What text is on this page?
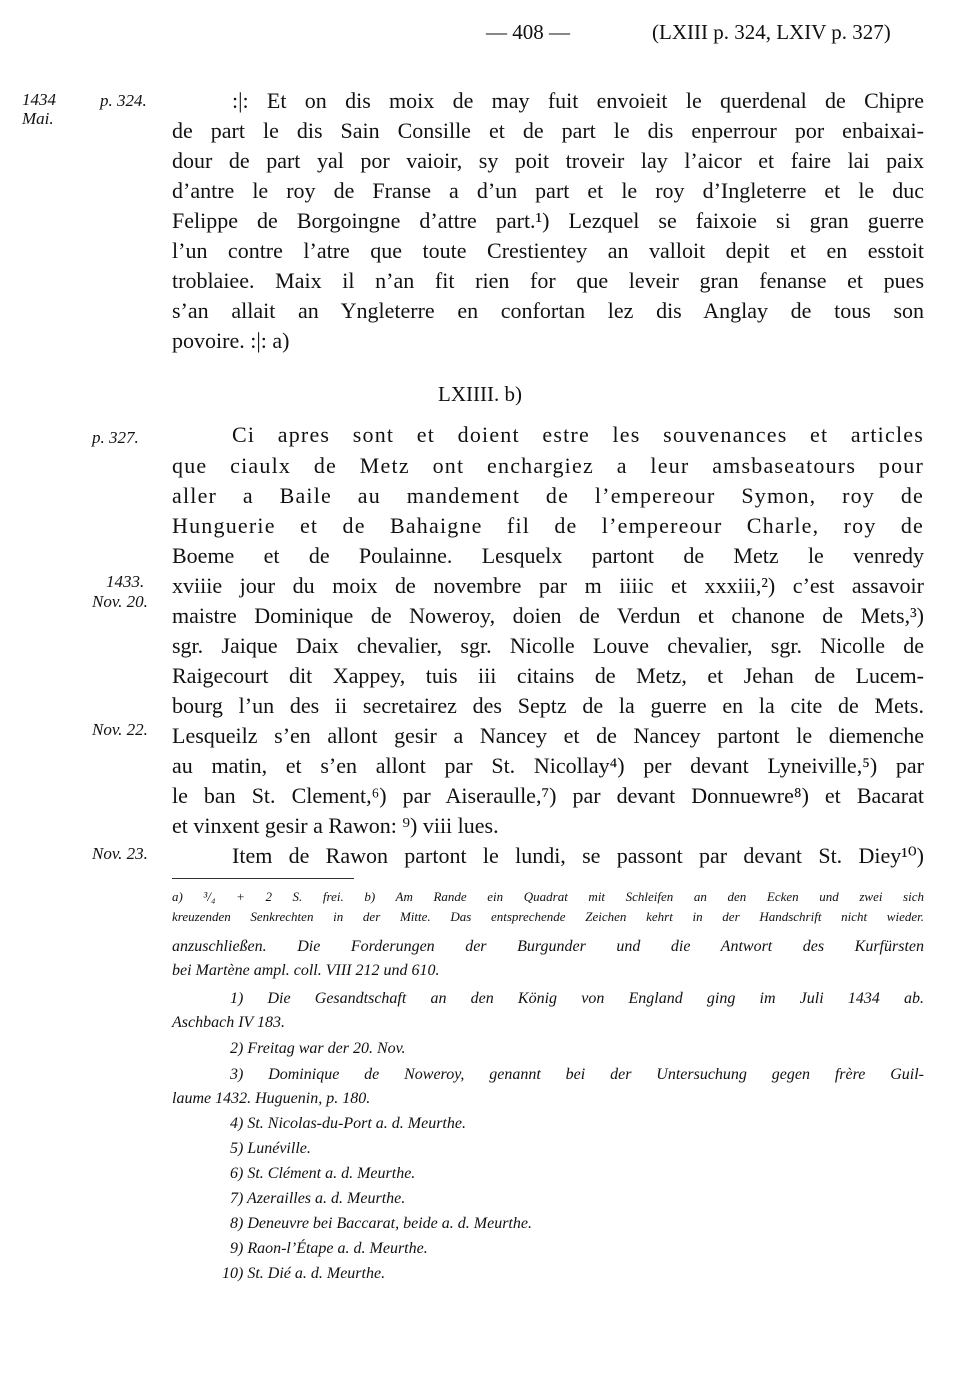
— 408 —	(LXIII p. 324, LXIV p. 327)
1434
Mai.
p. 324.
p. 327.
1433.
Nov. 20.
Nov. 22.
Nov. 23.
:|: Et on dis moix de may fuit envoieit le querdenal de Chipre
de part le dis Sain Consille et de part le dis enperrour por enbaixai-
dour de part yal por vaioir, sy poit troveir lay l’aicor et faire lai paix
d’antre le roy de Franse a d’un part et le roy d’Ingleterre et le duc
Felippe de Borgoingne d’attre part.¹) Lezquel se faixoie si gran guerre
l’un contre l’atre que toute Crestientey an valloit depit et en esstoit
troblaiee. Maix il n’an fit rien for que leveir gran fenanse et pues
s’an allait an Yngleterre en confortan lez dis Anglay de tous son
povoire. :|: a)
LXIIII. b)
Ci apres sont et doient estre les souvenances et articles
que ciaulx de Metz ont enchargiez a leur amsbaseatours pour
aller a Baile au mandement de l’empereour Symon, roy de
Hunguerie et de Bahaigne fil de l’empereour Charle, roy de
Boeme et de Poulainne. Lesquelx partont de Metz le venredy
xviiie jour du moix de novembre par m iiiic et xxxiii,²) c’est assavoir
maistre Dominique de Noweroy, doien de Verdun et chanone de Mets,³)
sgr. Jaique Daix chevalier, sgr. Nicolle Louve chevalier, sgr. Nicolle de
Raigecourt dit Xappey, tuis iii citains de Metz, et Jehan de Lucem-
bourg l’un des ii secretairez des Septz de la guerre en la cite de Mets.
Lesqueilz s’en allont gesir a Nancey et de Nancey partont le diemenche
au matin, et s’en allont par St. Nicollay⁴) per devant Lyneiville,⁵) par
le ban St. Clement,⁶) par Aiseraulle,⁷) par devant Donnuewre⁸) et Bacarat
et vinxent gesir a Rawon: ⁹) viii lues.
Item de Rawon partont le lundi, se passont par devant St. Diey¹⁰)
a) ³/₄ + 2 S. frei. b) Am Rande ein Quadrat mit Schleifen an den Ecken und zwei sich
kreuzenden Senkrechten in der Mitte. Das entsprechende Zeichen kehrt in der Handschrift nicht wieder.
anzuschließen. Die Forderungen der Burgunder und die Antwort des Kurfürsten
bei Martène ampl. coll. VIII 212 und 610.
1) Die Gesandtschaft an den König von England ging im Juli 1434 ab.
Aschbach IV 183.
2) Freitag war der 20. Nov.
3) Dominique de Noweroy, genannt bei der Untersuchung gegen frère Guil-
laume 1432. Huguenin, p. 180.
4) St. Nicolas-du-Port a. d. Meurthe.
5) Lunéville.
6) St. Clément a. d. Meurthe.
7) Azerailles a. d. Meurthe.
8) Deneuvre bei Baccarat, beide a. d. Meurthe.
9) Raon-l’Étape a. d. Meurthe.
10) St. Dié a. d. Meurthe.
